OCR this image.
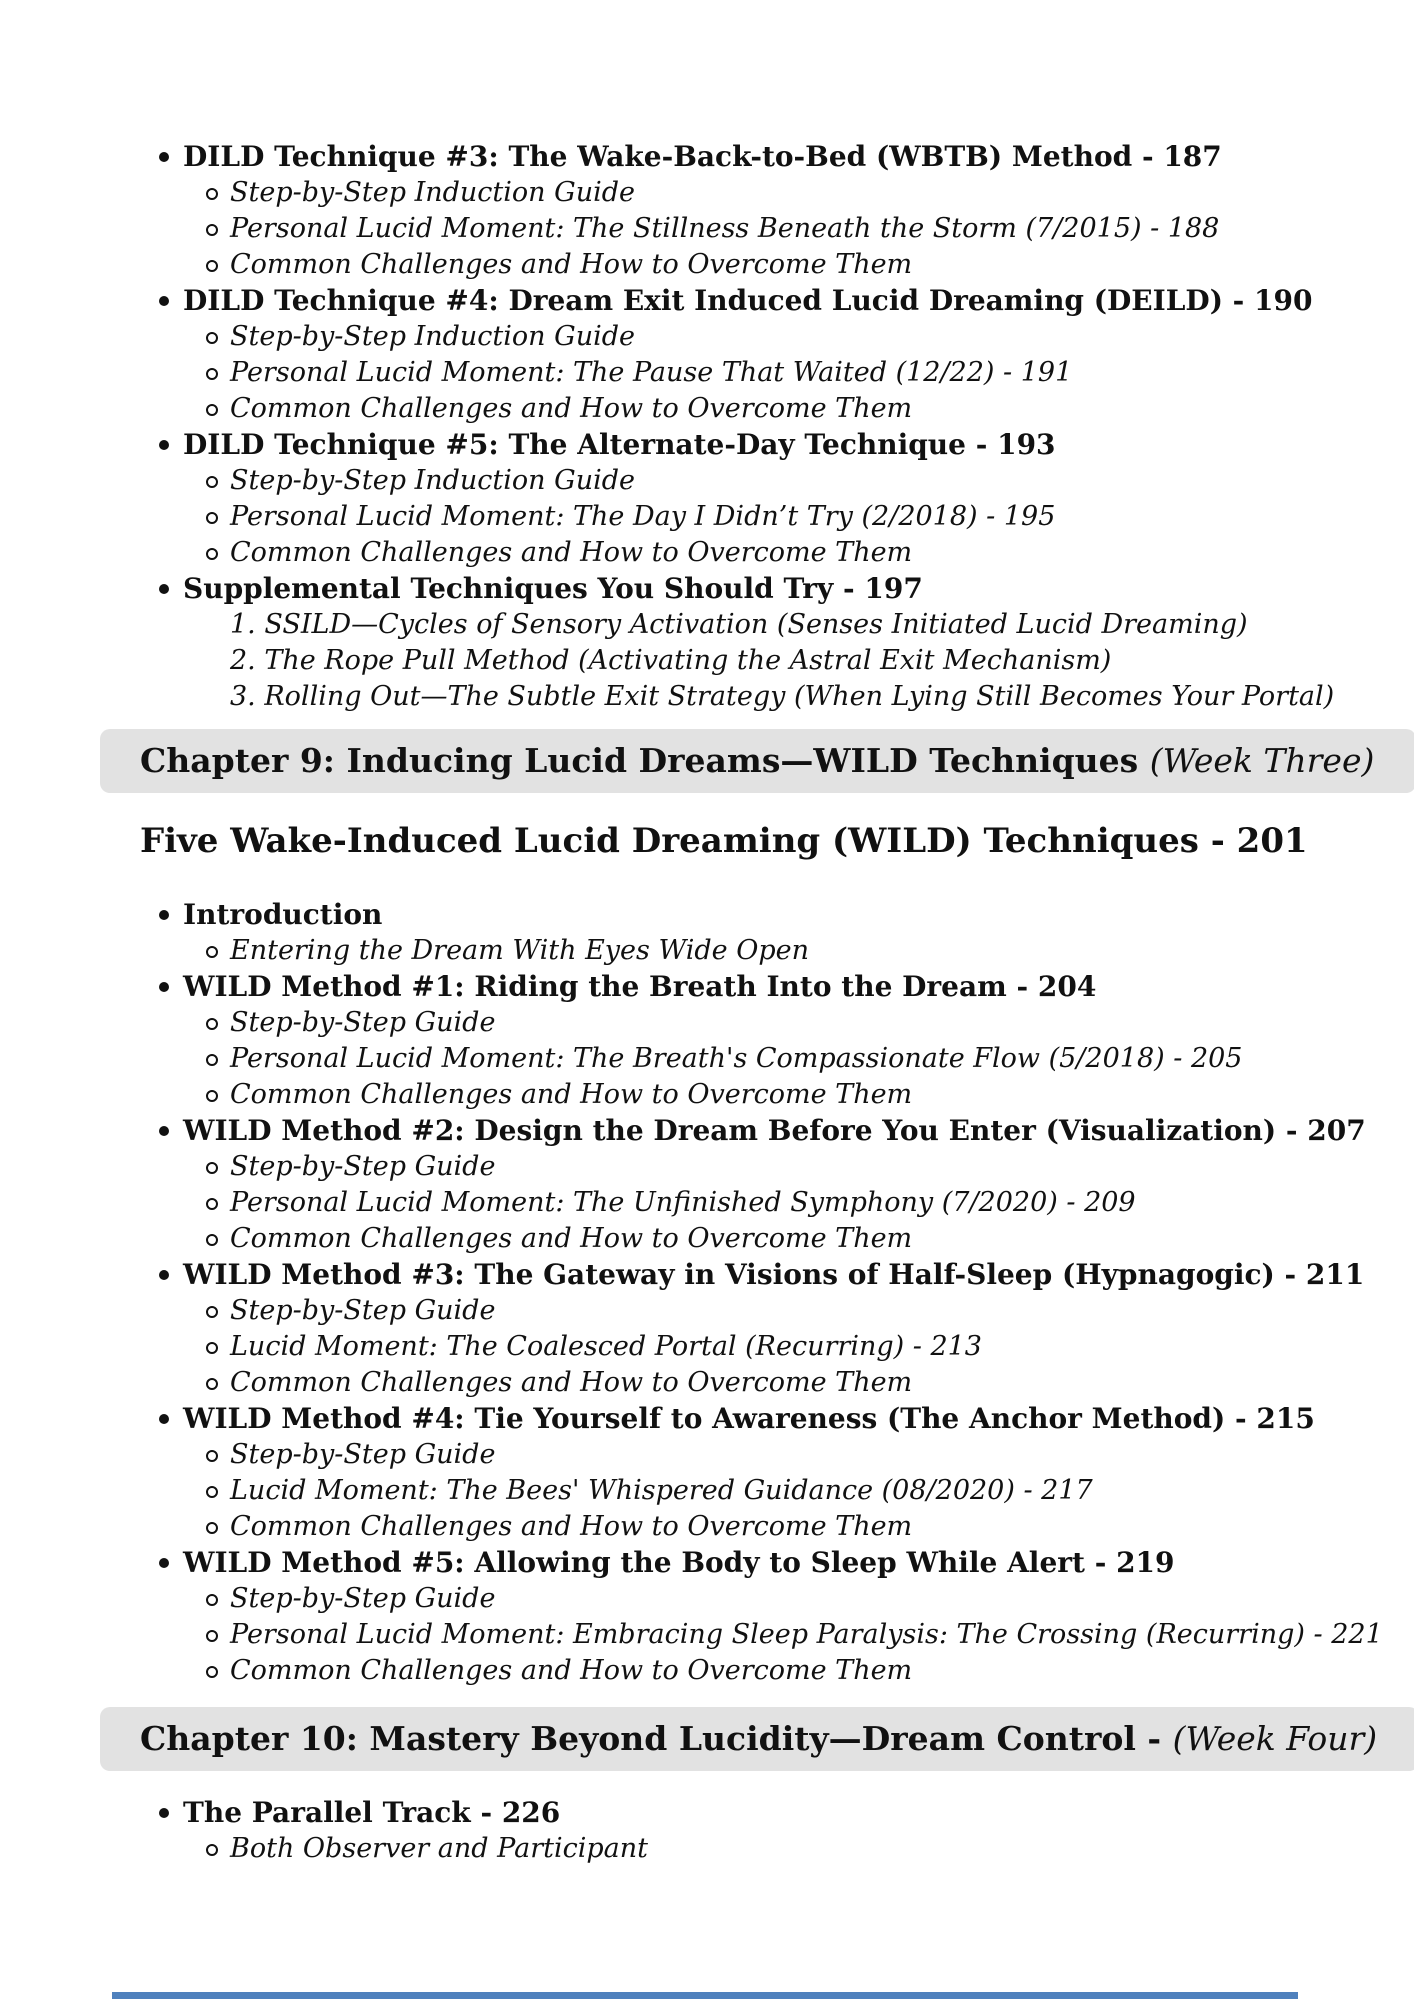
DILD Technique #3: The Wake-Back-to-Bed (WBTB) Method - 187
Step-by-Step Induction Guide
Personal Lucid Moment: The Stillness Beneath the Storm (7/2015) - 188
Common Challenges and How to Overcome Them
DILD Technique #4: Dream Exit Induced Lucid Dreaming (DEILD) - 190
Step-by-Step Induction Guide
Personal Lucid Moment: The Pause That Waited (12/22) - 191
Common Challenges and How to Overcome Them
DILD Technique #5: The Alternate-Day Technique - 193
Step-by-Step Induction Guide
Personal Lucid Moment: The Day I Didn’t Try (2/2018) - 195
Common Challenges and How to Overcome Them
Supplemental Techniques You Should Try - 197
1. SSILD—Cycles of Sensory Activation (Senses Initiated Lucid Dreaming)
2. The Rope Pull Method (Activating the Astral Exit Mechanism)
3. Rolling Out—The Subtle Exit Strategy (When Lying Still Becomes Your Portal)
Chapter 9: Inducing Lucid Dreams—WILD Techniques (Week Three)
Five Wake-Induced Lucid Dreaming (WILD) Techniques - 201
Introduction
Entering the Dream With Eyes Wide Open
WILD Method #1: Riding the Breath Into the Dream - 204
Step-by-Step Guide
Personal Lucid Moment: The Breath's Compassionate Flow (5/2018) - 205
Common Challenges and How to Overcome Them
WILD Method #2: Design the Dream Before You Enter (Visualization) - 207
Step-by-Step Guide
Personal Lucid Moment: The Unfinished Symphony (7/2020) - 209
Common Challenges and How to Overcome Them
WILD Method #3: The Gateway in Visions of Half-Sleep (Hypnagogic) - 211
Step-by-Step Guide
Lucid Moment: The Coalesced Portal (Recurring) - 213
Common Challenges and How to Overcome Them
WILD Method #4: Tie Yourself to Awareness (The Anchor Method) - 215
Step-by-Step Guide
Lucid Moment: The Bees' Whispered Guidance (08/2020) - 217
Common Challenges and How to Overcome Them
WILD Method #5: Allowing the Body to Sleep While Alert - 219
Step-by-Step Guide
Personal Lucid Moment: Embracing Sleep Paralysis: The Crossing (Recurring) - 221
Common Challenges and How to Overcome Them
Chapter 10: Mastery Beyond Lucidity—Dream Control - (Week Four)
The Parallel Track - 226
Both Observer and Participant
